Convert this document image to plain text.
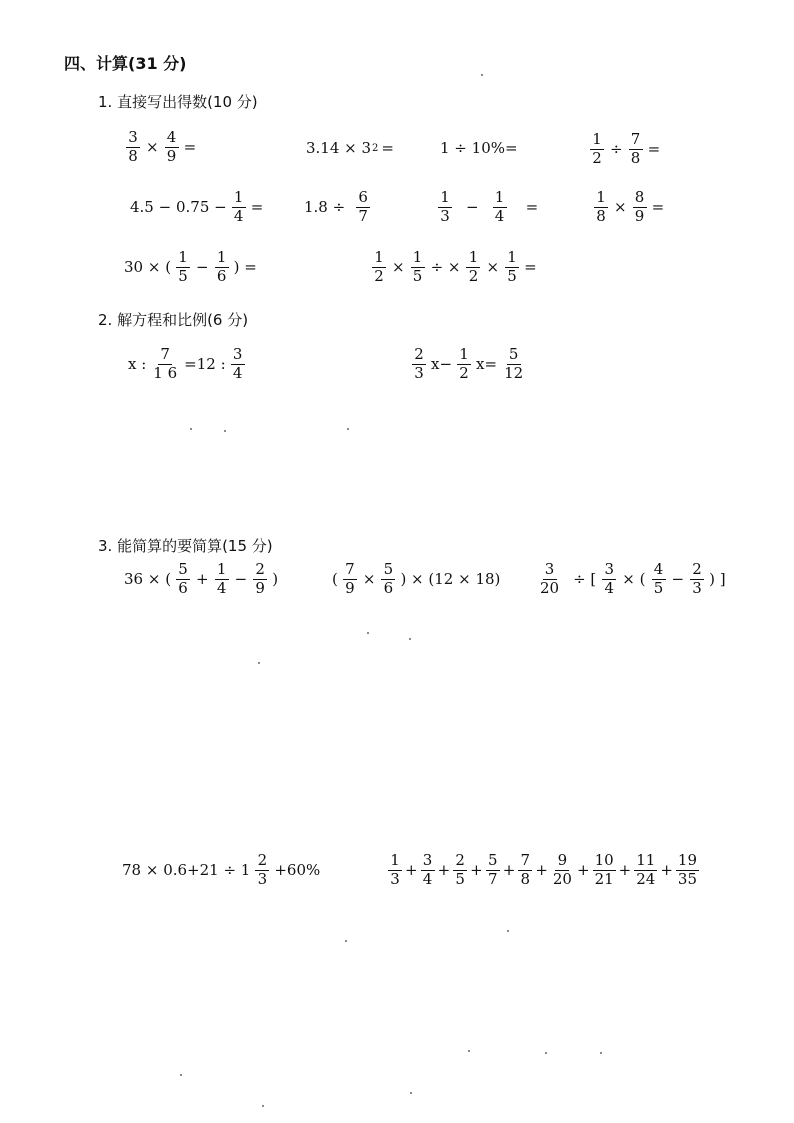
四、计算(31 分)
1. 直接写出得数(10 分)
$\frac{3}{8} \times \frac{4}{9}$ =	3.14 × 3 2 =	1 ÷ 10%=	$\frac{1}{2} \div \frac{7}{8}$ =
$4.5 - 0.75 - \frac{1}{4}$ =	$1.8 \div \frac{6}{7}$	$\frac{1}{3} - \frac{1}{4}$ =	$\frac{1}{8} \times \frac{8}{9}$ =
30 × ( $\frac{1}{5} - \frac{1}{6}$ ) =	$\frac{1}{2} \times \frac{1}{5}$ ÷ × $\frac{1}{2} \times \frac{1}{5}$ =
2. 解方程和比例(6 分)
x : $\frac{7}{1 6} =12$ : $\frac{3}{4}$	$\frac{2}{3} x- \frac{1}{2} x= \frac{5}{12}$
3. 能简算的要简算(15 分)
36 × ( $\frac{5}{6} + \frac{1}{4} - \frac{2}{9}$ )	( $\frac{7}{9} \times \frac{5}{6}$ ) × (12 × 18)	$\frac{3}{20}$ ÷ [ $\frac{3}{4}$ × ( $\frac{4}{5} - \frac{2}{3}$ ) ]
$78 \times 0.6+21 \div 1 \frac{2}{3} +60\%$	$\frac{1}{3} + \frac{3}{4} + \frac{2}{5} + \frac{5}{7} + \frac{7}{8} + \frac{9}{20} + \frac{10}{21} + \frac{11}{24} + \frac{19}{35}$
